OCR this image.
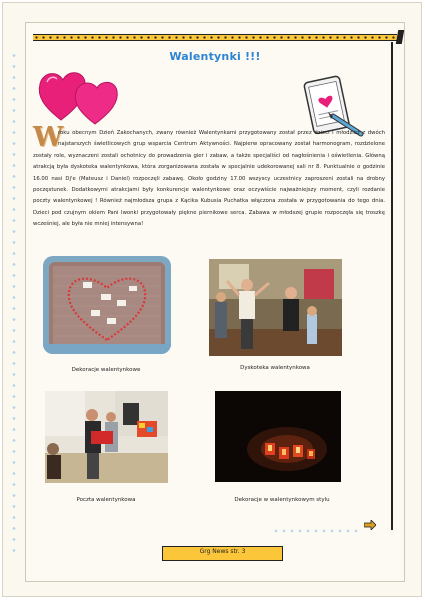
Walentynki !!!
W
roku obecnym Dzień Zakochanych, zwany również Walentynkami przygotowany został przez dzieci i młodzież z dwóch najstarszych świetlicowych grup wsparcia Centrum Aktywności. Najpierw opracowany został harmonogram, rozdzielone zostały role, wyznaczeni zostali ochotnicy do prowadzenia gier i zabaw, a także specjaliści od nagłośnienia i oświetlenia. Główną atrakcją była dyskoteka walentynkowa, która zorganizowana została w specjalnie udekorowanej sali nr 8. Punktualnie o godzinie 16.00 nasi Dj'e (Mateusz i Daniel) rozpoczęli zabawę. Około godziny 17.00 wszyscy uczestnicy zaproszeni zostali na drobny poczęstunek. Dodatkowymi atrakcjami były konkurencje walentynkowe oraz oczywiście najważniejszy moment, czyli rozdanie poczty walentynkowej ! Również najmłodsza grupa z Kącika Kubusia Puchatka włączona została w przygotowania do tego dnia. Dzieci pod czujnym okiem Pani Iwonki przygotowały piękne piernikowe serca. Zabawa w młodszej grupie rozpoczęła się troszkę wcześniej, ale była nie mniej intensywna!
Dekoracje walentynkowe	Dyskoteka walentynkowa
Poczta walentynkowa	Dekoracje w walentynkowym stylu
Grg News str. 3
